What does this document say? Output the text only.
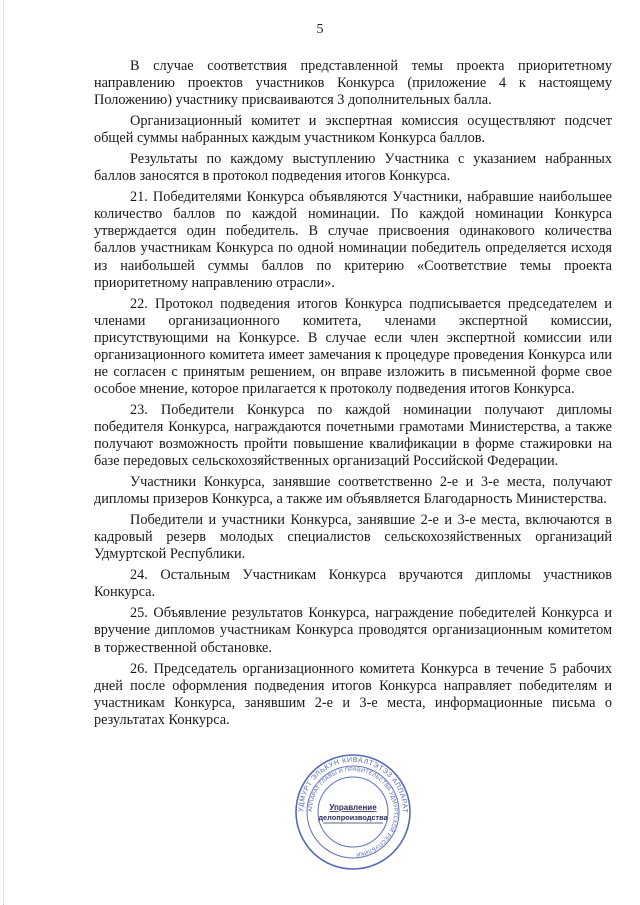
5

В случае соответствия представленной темы проекта приоритетному направлению проектов участников Конкурса (приложение 4 к настоящему Положению) участнику присваиваются 3 дополнительных балла.

Организационный комитет и экспертная комиссия осуществляют подсчет общей суммы набранных каждым участником Конкурса баллов.

Результаты по каждому выступлению Участника с указанием набранных баллов заносятся в протокол подведения итогов Конкурса.

21. Победителями Конкурса объявляются Участники, набравшие наибольшее количество баллов по каждой номинации. По каждой номинации Конкурса утверждается один победитель. В случае присвоения одинакового количества баллов участникам Конкурса по одной номинации победитель определяется исходя из наибольшей суммы баллов по критерию «Соответствие темы проекта приоритетному направлению отрасли».

22. Протокол подведения итогов Конкурса подписывается председателем и членами организационного комитета, членами экспертной комиссии, присутствующими на Конкурсе. В случае если член экспертной комиссии или организационного комитета имеет замечания к процедуре проведения Конкурса или не согласен с принятым решением, он вправе изложить в письменной форме свое особое мнение, которое прилагается к протоколу подведения итогов Конкурса.

23. Победители Конкурса по каждой номинации получают дипломы победителя Конкурса, награждаются почетными грамотами Министерства, а также получают возможность пройти повышение квалификации в форме стажировки на базе передовых сельскохозяйственных организаций Российской Федерации.

Участники Конкурса, занявшие соответственно 2-е и 3-е места, получают дипломы призеров Конкурса, а также им объявляется Благодарность Министерства.

Победители и участники Конкурса, занявшие 2-е и 3-е места, включаются в кадровый резерв молодых специалистов сельскохозяйственных организаций Удмуртской Республики.

24. Остальным Участникам Конкурса вручаются дипломы участников Конкурса.

25. Объявление результатов Конкурса, награждение победителей Конкурса и вручение дипломов участникам Конкурса проводятся организационным комитетом в торжественной обстановке.

26. Председатель организационного комитета Конкурса в течение 5 рабочих дней после оформления подведения итогов Конкурса направляет победителям и участникам Конкурса, занявшим 2-е и 3-е места, информационные письма о результатах Конкурса.

УДМУРТ ЭЛЬКУН КИВАЛТЭТЭЗ АППАРАТ
АППАРАТ ГЛАВЫ И ПРАВИТЕЛЬСТВА УДМУРТСКОЙ РЕСПУБЛИКИ
Управление
делопроизводства
